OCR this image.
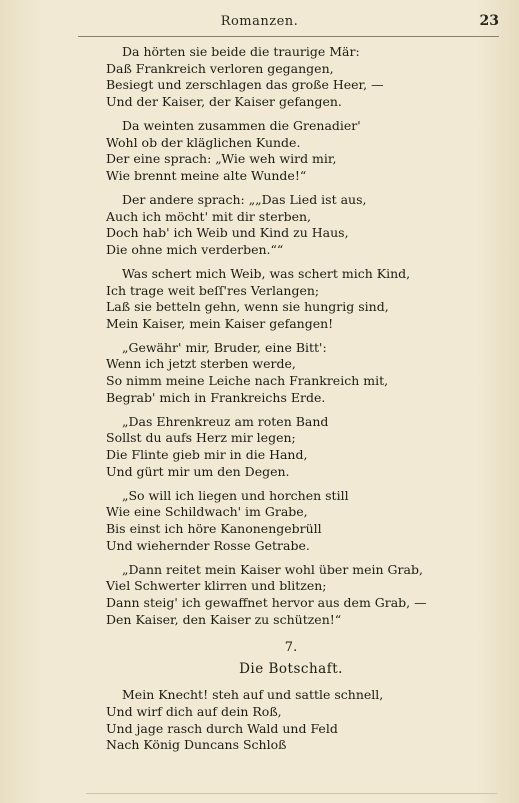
Romanzen.	23
Da hörten sie beide die traurige Mär:
Daß Frankreich verloren gegangen,
Besiegt und zerschlagen das große Heer, —
Und der Kaiser, der Kaiser gefangen.
Da weinten zusammen die Grenadier'
Wohl ob der kläglichen Kunde.
Der eine sprach: „Wie weh wird mir,
Wie brennt meine alte Wunde!“
Der andere sprach: „„Das Lied ist aus,
Auch ich möcht' mit dir sterben,
Doch hab' ich Weib und Kind zu Haus,
Die ohne mich verderben.““
Was schert mich Weib, was schert mich Kind,
Ich trage weit beſſ'res Verlangen;
Laß sie betteln gehn, wenn sie hungrig sind,
Mein Kaiser, mein Kaiser gefangen!
„Gewähr' mir, Bruder, eine Bitt':
Wenn ich jetzt sterben werde,
So nimm meine Leiche nach Frankreich mit,
Begrab' mich in Frankreichs Erde.
„Das Ehrenkreuz am roten Band
Sollst du aufs Herz mir legen;
Die Flinte gieb mir in die Hand,
Und gürt mir um den Degen.
„So will ich liegen und horchen still
Wie eine Schildwach' im Grabe,
Bis einst ich höre Kanonengebrüll
Und wiehernder Rosse Getrabe.
„Dann reitet mein Kaiser wohl über mein Grab,
Viel Schwerter klirren und blitzen;
Dann steig' ich gewaffnet hervor aus dem Grab, —
Den Kaiser, den Kaiser zu schützen!“
7.
Die Botschaft.
Mein Knecht! steh auf und sattle schnell,
Und wirf dich auf dein Roß,
Und jage rasch durch Wald und Feld
Nach König Duncans Schloß
